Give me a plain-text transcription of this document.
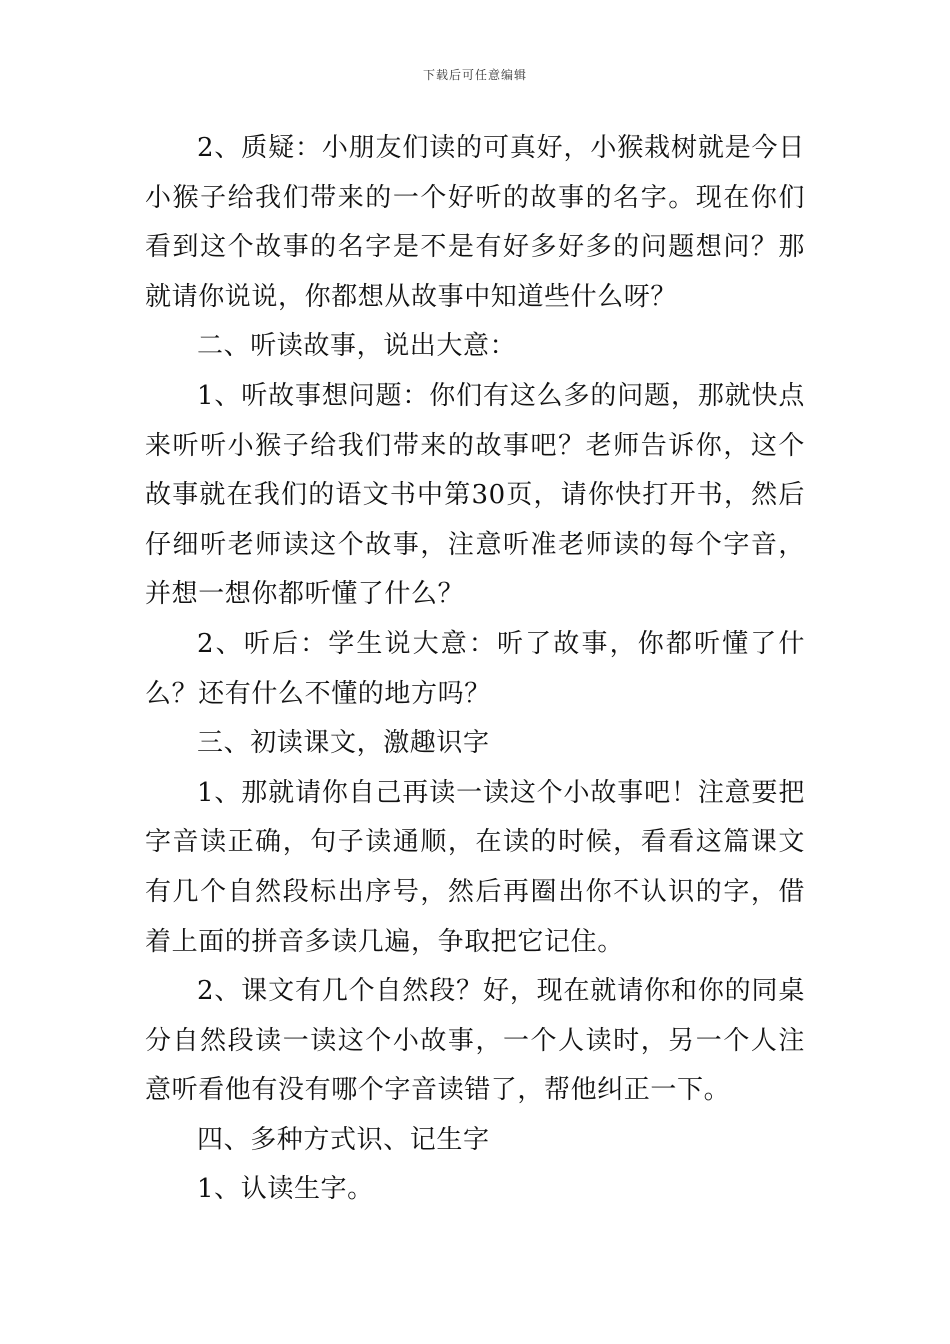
下载后可任意编辑

2、质疑：小朋友们读的可真好，小猴栽树就是今日小猴子给我们带来的一个好听的故事的名字。现在你们看到这个故事的名字是不是有好多好多的问题想问？那就请你说说，你都想从故事中知道些什么呀？

二、听读故事，说出大意：

1、听故事想问题：你们有这么多的问题，那就快点来听听小猴子给我们带来的故事吧？老师告诉你，这个故事就在我们的语文书中第30页，请你快打开书，然后仔细听老师读这个故事，注意听准老师读的每个字音，并想一想你都听懂了什么？

2、听后：学生说大意：听了故事，你都听懂了什么？还有什么不懂的地方吗？

三、初读课文，激趣识字

1、那就请你自己再读一读这个小故事吧！注意要把字音读正确，句子读通顺，在读的时候，看看这篇课文有几个自然段标出序号，然后再圈出你不认识的字，借着上面的拼音多读几遍，争取把它记住。

2、课文有几个自然段？好，现在就请你和你的同桌分自然段读一读这个小故事，一个人读时，另一个人注意听看他有没有哪个字音读错了，帮他纠正一下。

四、多种方式识、记生字

1、认读生字。
